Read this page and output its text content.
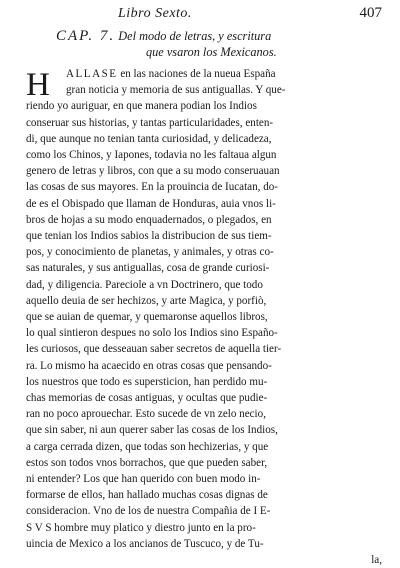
Libro Sexto.	407
CAP. 7. Del modo de letras, y escritura
que vsaron los Mexicanos.
H	ALLASE en las naciones de la nueua España
gran noticia y memoria de sus antiguallas. Y que-
riendo yo auriguar, en que manera podian los Indios
conseruar sus historias, y tantas particularidades, enten-
di, que aunque no tenian tanta curiosidad, y delicadeza,
como los Chinos, y Iapones, todavia no les faltaua algun
genero de letras y libros, con que a su modo conseruauan
las cosas de sus mayores. En la prouincia de Iucatan, do-
de es el Obispado que llaman de Honduras, auia vnos li-
bros de hojas a su modo enquadernados, o plegados, en
que tenian los Indios sabios la distribucion de sus tiem-
pos, y conocimiento de planetas, y animales, y otras co-
sas naturales, y sus antiguallas, cosa de grande curiosi-
dad, y diligencia. Pareciole a vn Doctrinero, que todo
aquello deuia de ser hechizos, y arte Magica, y porfiò,
que se auian de quemar, y quemaronse aquellos libros,
lo qual sintieron despues no solo los Indios sino Españo-
les curiosos, que desseauan saber secretos de aquella tier-
ra. Lo mismo ha acaecido en otras cosas que pensando-
los nuestros que todo es supersticion, han perdido mu-
chas memorias de cosas antiguas, y ocultas que pudie-
ran no poco aprouechar. Esto sucede de vn zelo necio,
que sin saber, ni aun querer saber las cosas de los Indios,
a carga cerrada dizen, que todas son hechizerias, y que
estos son todos vnos borrachos, que que pueden saber,
ni entender? Los que han querido con buen modo in-
formarse de ellos, han hallado muchas cosas dignas de
consideracion. Vno de los de nuestra Compañia de I E-
S V S hombre muy platico y diestro junto en la pro-
uincia de Mexico a los ancianos de Tuscuco, y de Tu-
la,
